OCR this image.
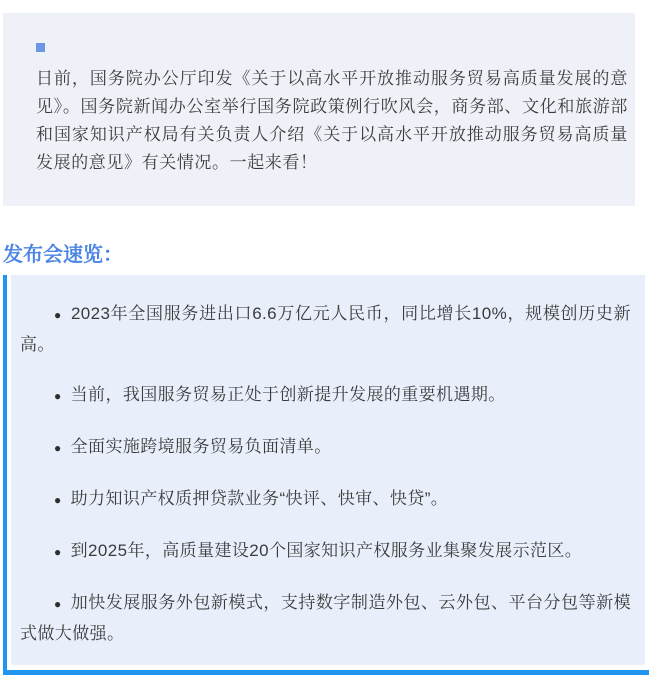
日前，国务院办公厅印发《关于以高水平开放推动服务贸易高质量发展的意见》。国务院新闻办公室举行国务院政策例行吹风会，商务部、文化和旅游部和国家知识产权局有关负责人介绍《关于以高水平开放推动服务贸易高质量发展的意见》有关情况。一起来看！

发布会速览：

● 2023年全国服务进出口6.6万亿元人民币，同比增长10%，规模创历史新高。

● 当前，我国服务贸易正处于创新提升发展的重要机遇期。

● 全面实施跨境服务贸易负面清单。

● 助力知识产权质押贷款业务“快评、快审、快贷”。

● 到2025年，高质量建设20个国家知识产权服务业集聚发展示范区。

● 加快发展服务外包新模式，支持数字制造外包、云外包、平台分包等新模式做大做强。
